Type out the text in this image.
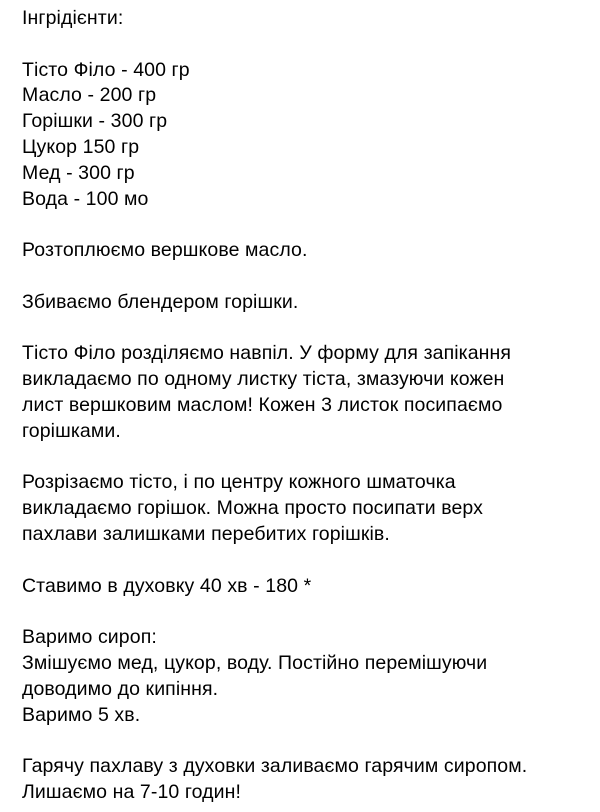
Інгрідієнти:
Тісто Філо - 400 гр
Масло - 200 гр
Горішки - 300 гр
Цукор 150 гр
Мед - 300 гр
Вода - 100 мо
Розтоплюємо вершкове масло.
Збиваємо блендером горішки.
Тісто Філо розділяємо навпіл. У форму для запікання
викладаємо по одному листку тіста, змазуючи кожен
лист вершковим маслом! Кожен 3 листок посипаємо
горішками.
Розрізаємо тісто, і по центру кожного шматочка
викладаємо горішок. Можна просто посипати верх
пахлави залишками перебитих горішків.
Ставимо в духовку 40 хв - 180 *
Варимо сироп:
Змішуємо мед, цукор, воду. Постійно перемішуючи
доводимо до кипіння.
Варимо 5 хв.
Гарячу пахлаву з духовки заливаємо гарячим сиропом.
Лишаємо на 7-10 годин!
